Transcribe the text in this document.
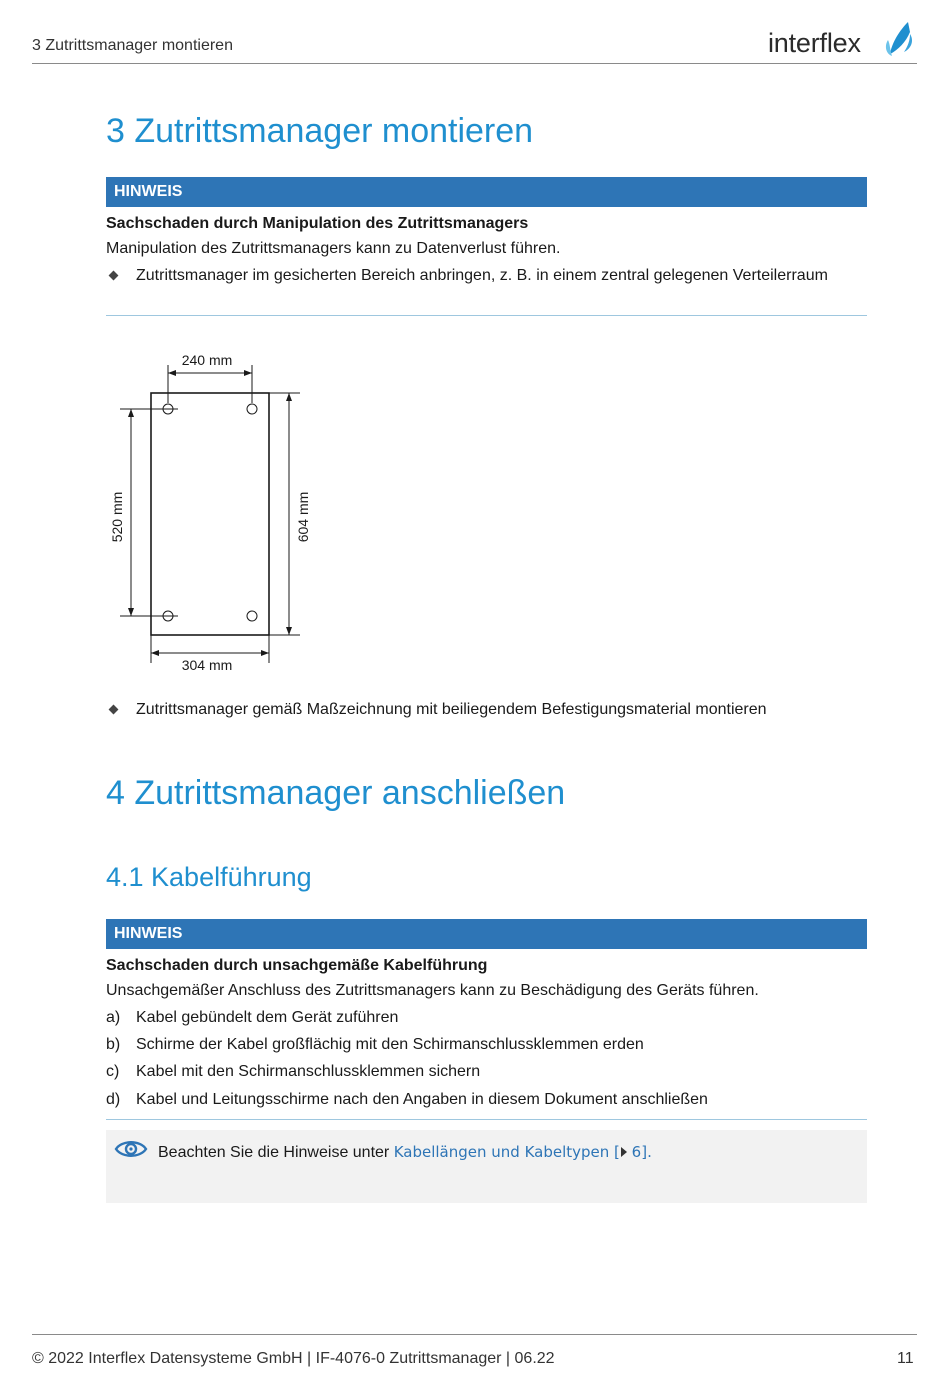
3 Zutrittsmanager montieren	interflex
3 Zutrittsmanager montieren
HINWEIS
Sachschaden durch Manipulation des Zutrittsmanagers
Manipulation des Zutrittsmanagers kann zu Datenverlust führen.
Zutrittsmanager im gesicherten Bereich anbringen, z. B. in einem zentral gelegenen Verteilerraum
240 mm
304 mm
520 mm	604 mm
Zutrittsmanager gemäß Maßzeichnung mit beiliegendem Befestigungsmaterial montieren
4 Zutrittsmanager anschließen
4.1 Kabelführung
HINWEIS
Sachschaden durch unsachgemäße Kabelführung
Unsachgemäßer Anschluss des Zutrittsmanagers kann zu Beschädigung des Geräts führen.
a) Kabel gebündelt dem Gerät zuführen
b) Schirme der Kabel großflächig mit den Schirmanschlussklemmen erden
c) Kabel mit den Schirmanschlussklemmen sichern
d) Kabel und Leitungsschirme nach den Angaben in diesem Dokument anschließen
Beachten Sie die Hinweise unter Kabellängen und Kabeltypen [ 6].
© 2022 Interflex Datensysteme GmbH | IF-4076-0 Zutrittsmanager | 06.22	11
